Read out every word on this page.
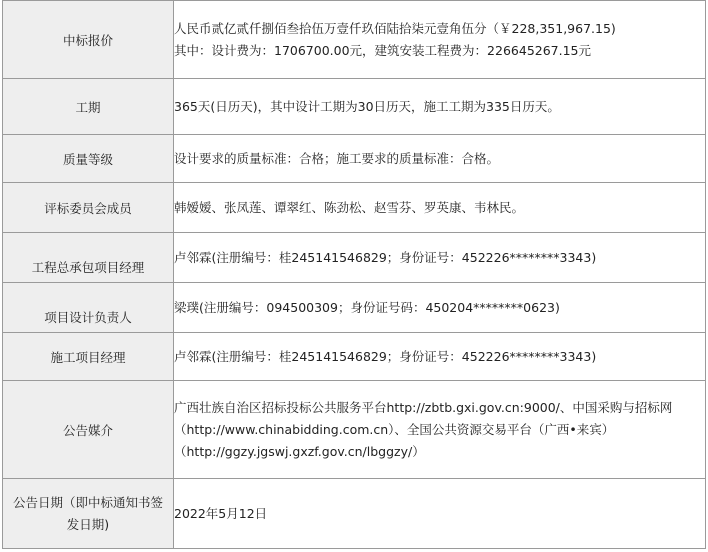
中标报价	人民币贰亿贰仟捌佰叁拾伍万壹仟玖佰陆拾柒元壹角伍分（￥228,351,967.15)
其中：设计费为：1706700.00元，建筑安装工程费为：226645267.15元

工期	365天(日历天)，其中设计工期为30日历天，施工工期为335日历天。

质量等级	设计要求的质量标准：合格；施工要求的质量标准：合格。

评标委员会成员	韩嫒嫒、张凤莲、谭翠红、陈劲松、赵雪芬、罗英康、韦林民。

工程总承包项目经理	卢邻霖(注册编号：桂245141546829；身份证号：452226********3343)

项目设计负责人	梁璞(注册编号：094500309；身份证号码：450204********0623)

施工项目经理	卢邻霖(注册编号：桂245141546829；身份证号：452226********3343)

公告媒介	广西壮族自治区招标投标公共服务平台http://zbtb.gxi.gov.cn:9000/、中国采购与招标网（http://www.chinabidding.com.cn）、全国公共资源交易平台（广西•来宾）（http://ggzy.jgswj.gxzf.gov.cn/lbggzy/）

公告日期（即中标通知书签
发日期)	2022年5月12日
